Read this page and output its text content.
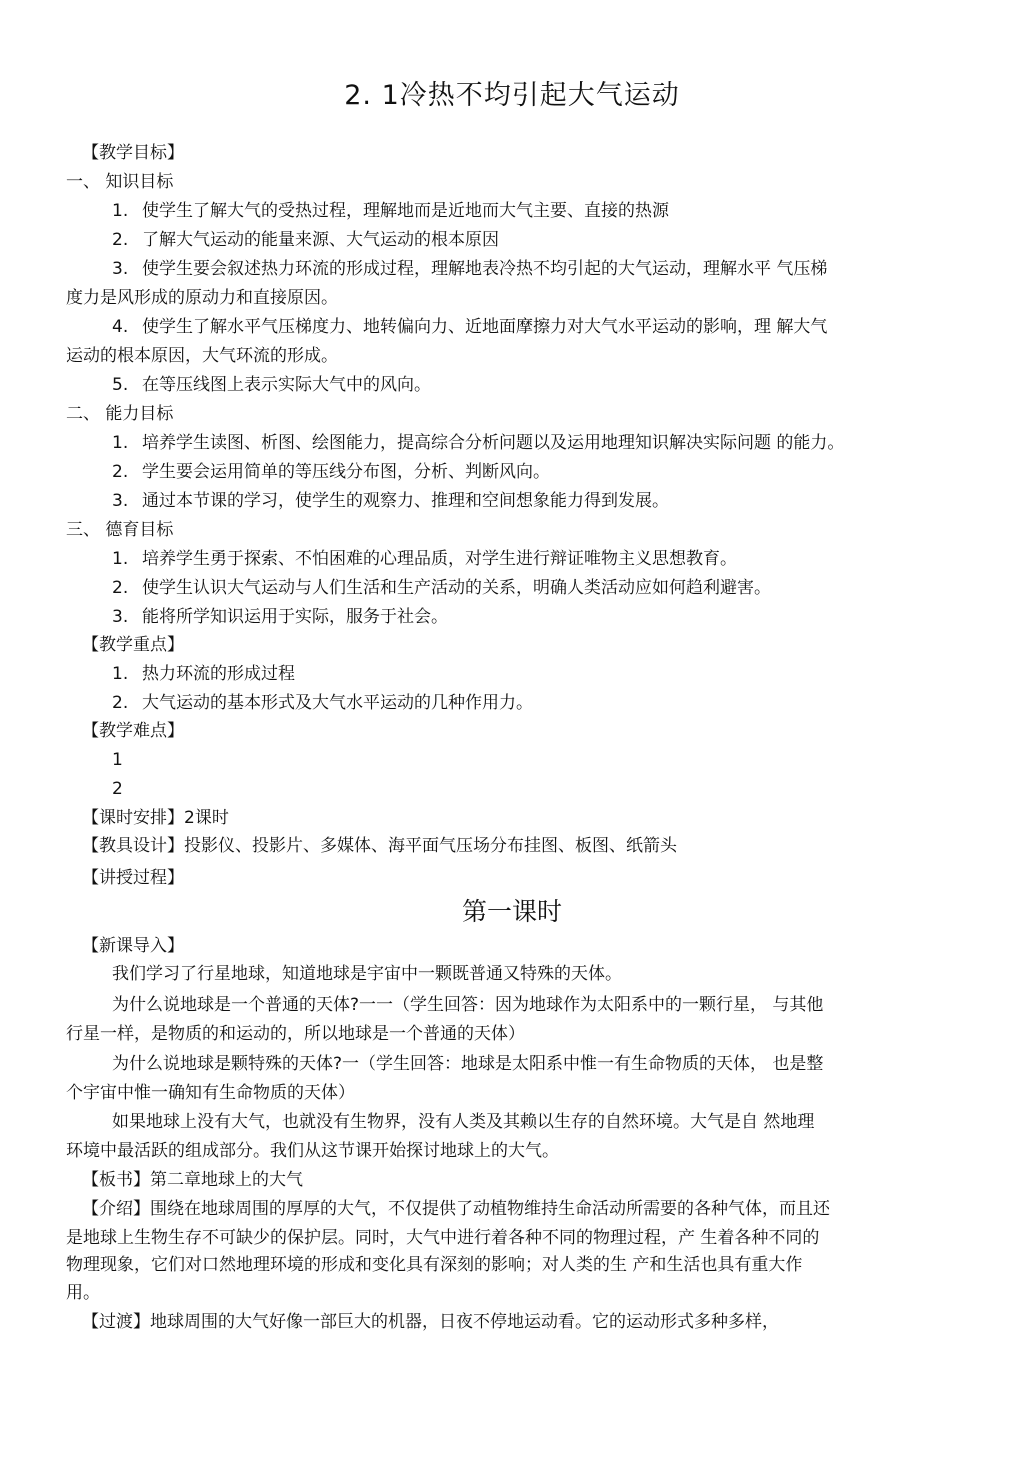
2. 1冷热不均引起大气运动
【教学目标】
一、 知识目标
1. 使学生了解大气的受热过程，理解地而是近地而大气主要、直接的热源
2. 了解大气运动的能量来源、大气运动的根本原因
3. 使学生要会叙述热力环流的形成过程，理解地表冷热不均引起的大气运动，理解水平 气压梯
度力是风形成的原动力和直接原因。
4. 使学生了解水平气压梯度力、地转偏向力、近地面摩擦力对大气水平运动的影响，理 解大气
运动的根本原因，大气环流的形成。
5. 在等压线图上表示实际大气中的风向。
二、 能力目标
1. 培养学生读图、析图、绘图能力，提高综合分析问题以及运用地理知识解决实际问题 的能力。
2. 学生要会运用简单的等压线分布图，分析、判断风向。
3. 通过本节课的学习，使学生的观察力、推理和空间想象能力得到发展。
三、 德育目标
1. 培养学生勇于探索、不怕困难的心理品质，对学生进行辩证唯物主义思想教育。
2. 使学生认识大气运动与人们生活和生产活动的关系，明确人类活动应如何趋利避害。
3. 能将所学知识运用于实际，服务于社会。
【教学重点】
1. 热力环流的形成过程
2. 大气运动的基本形式及大气水平运动的几种作用力。
【教学难点】
1
2
【课时安排】2课时
【教具设计】投影仪、投影片、多媒体、海平面气压场分布挂图、板图、纸箭头
【讲授过程】
第一课时
【新课导入】
我们学习了行星地球，知道地球是宇宙中一颗既普通又特殊的天体。
为什么说地球是一个普通的天体?一一（学生回答：因为地球作为太阳系中的一颗行星， 与其他
行星一样，是物质的和运动的，所以地球是一个普通的天体）
为什么说地球是颗特殊的天体?一（学生回答：地球是太阳系中惟一有生命物质的天体， 也是整
个宇宙中惟一确知有生命物质的天体）
如果地球上没有大气，也就没有生物界，没有人类及其赖以生存的自然环境。大气是自 然地理
环境中最活跃的组成部分。我们从这节课开始探讨地球上的大气。
【板书】第二章地球上的大气
【介绍】围绕在地球周围的厚厚的大气，不仅提供了动植物维持生命活动所需要的各种气体，而且还
是地球上生物生存不可缺少的保护层。同时，大气中进行着各种不同的物理过程，产 生着各种不同的
物理现象，它们对口然地理环境的形成和变化具有深刻的影响；对人类的生 产和生活也具有重大作
用。
【过渡】地球周围的大气好像一部巨大的机器，日夜不停地运动看。它的运动形式多种多样，
